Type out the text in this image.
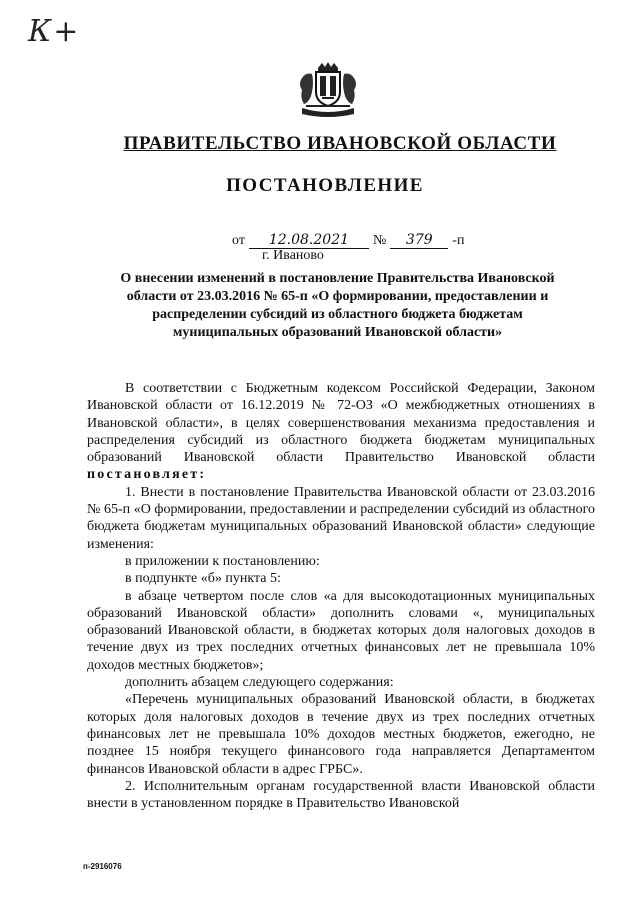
К+
ПРАВИТЕЛЬСТВО ИВАНОВСКОЙ ОБЛАСТИ
ПОСТАНОВЛЕНИЕ
от 12.08.2021 № 379 -п
г. Иваново
О внесении изменений в постановление Правительства Ивановской области от 23.03.2016 № 65-п «О формировании, предоставлении и распределении субсидий из областного бюджета бюджетам муниципальных образований Ивановской области»

В соответствии с Бюджетным кодексом Российской Федерации, Законом Ивановской области от 16.12.2019 № 72-ОЗ «О межбюджетных отношениях в Ивановской области», в целях совершенствования механизма предоставления и распределения субсидий из областного бюджета бюджетам муниципальных образований Ивановской области Правительство Ивановской области постановляет:

1. Внести в постановление Правительства Ивановской области от 23.03.2016 № 65-п «О формировании, предоставлении и распределении субсидий из областного бюджета бюджетам муниципальных образований Ивановской области» следующие изменения:

в приложении к постановлению:

в подпункте «б» пункта 5:

в абзаце четвертом после слов «а для высокодотационных муниципальных образований Ивановской области» дополнить словами «, муниципальных образований Ивановской области, в бюджетах которых доля налоговых доходов в течение двух из трех последних отчетных финансовых лет не превышала 10% доходов местных бюджетов»;

дополнить абзацем следующего содержания:

«Перечень муниципальных образований Ивановской области, в бюджетах которых доля налоговых доходов в течение двух из трех последних отчетных финансовых лет не превышала 10% доходов местных бюджетов, ежегодно, не позднее 15 ноября текущего финансового года направляется Департаментом финансов Ивановской области в адрес ГРБС».

2. Исполнительным органам государственной власти Ивановской области внести в установленном порядке в Правительство Ивановской

п-2916076
